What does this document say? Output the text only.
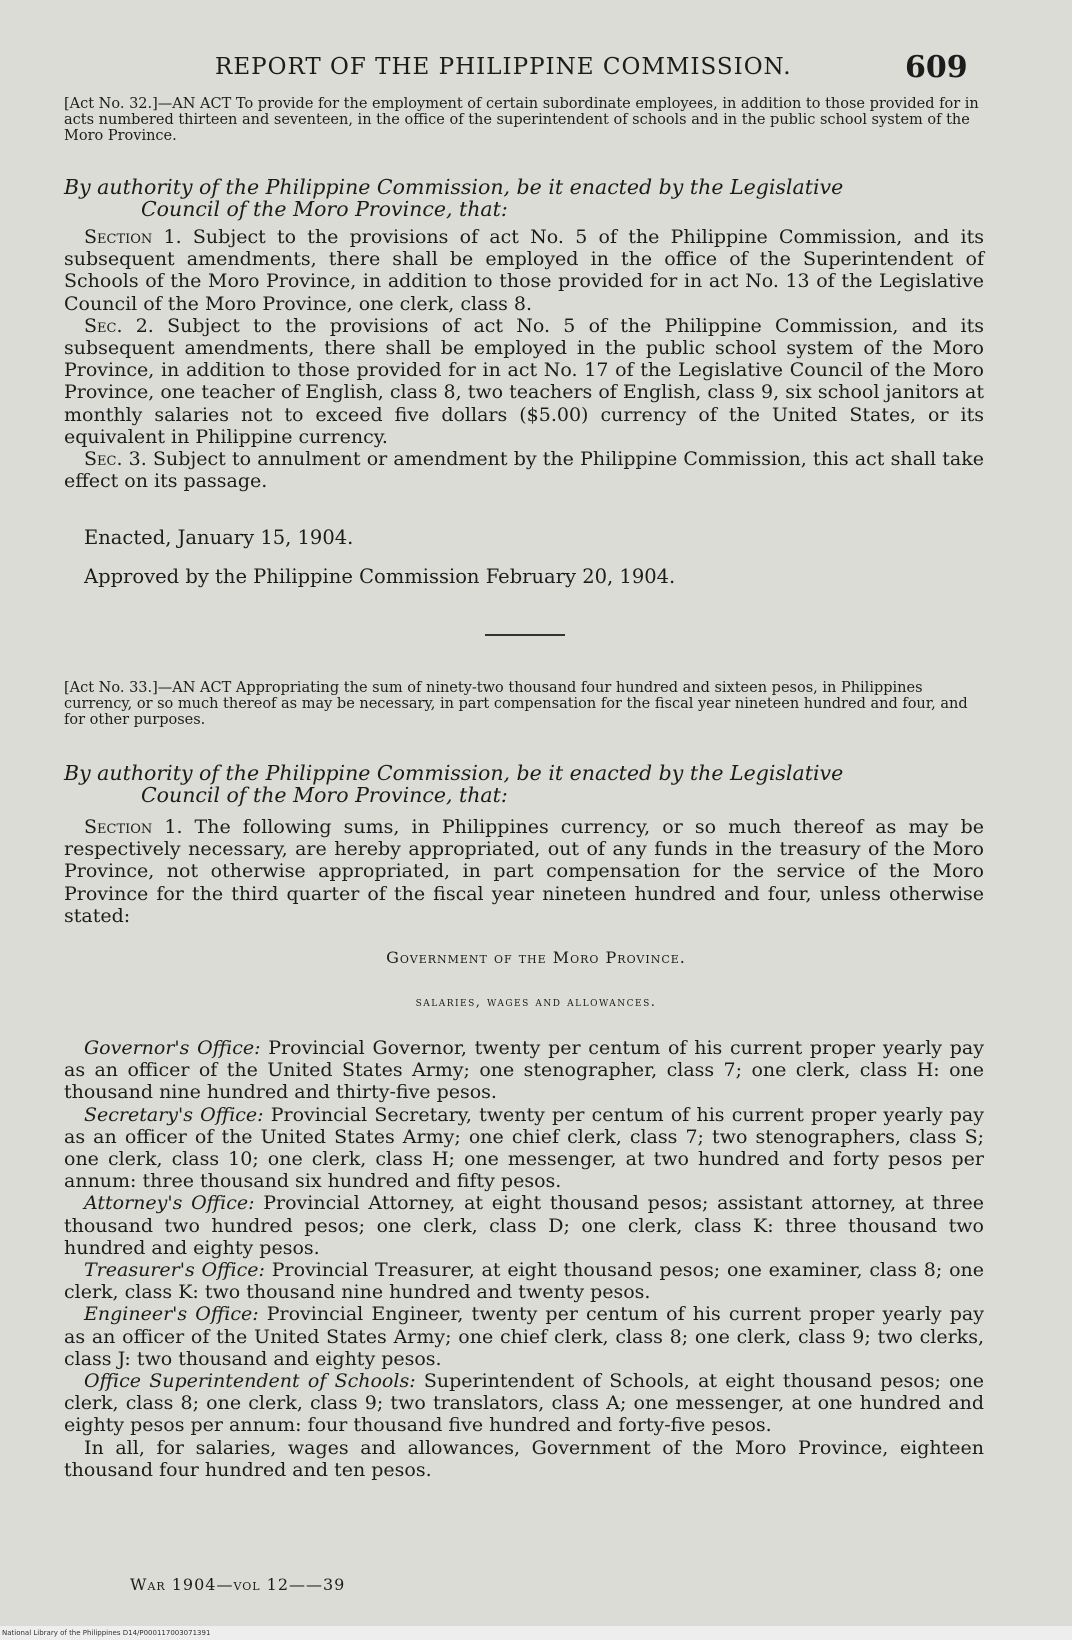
REPORT OF THE PHILIPPINE COMMISSION.	609
[Act No. 32.]—AN ACT To provide for the employment of certain subordinate employees, in addition to those provided for in acts numbered thirteen and seventeen, in the office of the superintendent of schools and in the public school system of the Moro Province.
By authority of the Philippine Commission, be it enacted by the Legislative
Council of the Moro Province, that:

Section 1. Subject to the provisions of act No. 5 of the Philippine Commission, and its subsequent amendments, there shall be employed in the office of the Superintendent of Schools of the Moro Province, in addition to those provided for in act No. 13 of the Legislative Council of the Moro Province, one clerk, class 8.

Sec. 2. Subject to the provisions of act No. 5 of the Philippine Commission, and its subsequent amendments, there shall be employed in the public school system of the Moro Province, in addition to those provided for in act No. 17 of the Legislative Council of the Moro Province, one teacher of English, class 8, two teachers of English, class 9, six school janitors at monthly salaries not to exceed five dollars ($5.00) currency of the United States, or its equivalent in Philippine currency.

Sec. 3. Subject to annulment or amendment by the Philippine Commission, this act shall take effect on its passage.

Enacted, January 15, 1904.

Approved by the Philippine Commission February 20, 1904.

[Act No. 33.]—AN ACT Appropriating the sum of ninety-two thousand four hundred and sixteen pesos, in Philippines currency, or so much thereof as may be necessary, in part compensation for the fiscal year nineteen hundred and four, and for other purposes.
By authority of the Philippine Commission, be it enacted by the Legislative
Council of the Moro Province, that:

Section 1. The following sums, in Philippines currency, or so much thereof as may be respectively necessary, are hereby appropriated, out of any funds in the treasury of the Moro Province, not otherwise appropriated, in part compensation for the service of the Moro Province for the third quarter of the fiscal year nineteen hundred and four, unless otherwise stated:

Government of the Moro Province.
salaries, wages and allowances.

Governor's Office: Provincial Governor, twenty per centum of his current proper yearly pay as an officer of the United States Army; one stenographer, class 7; one clerk, class H: one thousand nine hundred and thirty-five pesos.

Secretary's Office: Provincial Secretary, twenty per centum of his current proper yearly pay as an officer of the United States Army; one chief clerk, class 7; two stenographers, class S; one clerk, class 10; one clerk, class H; one messenger, at two hundred and forty pesos per annum: three thousand six hundred and fifty pesos.

Attorney's Office: Provincial Attorney, at eight thousand pesos; assistant attorney, at three thousand two hundred pesos; one clerk, class D; one clerk, class K: three thousand two hundred and eighty pesos.

Treasurer's Office: Provincial Treasurer, at eight thousand pesos; one examiner, class 8; one clerk, class K: two thousand nine hundred and twenty pesos.

Engineer's Office: Provincial Engineer, twenty per centum of his current proper yearly pay as an officer of the United States Army; one chief clerk, class 8; one clerk, class 9; two clerks, class J: two thousand and eighty pesos.

Office Superintendent of Schools: Superintendent of Schools, at eight thousand pesos; one clerk, class 8; one clerk, class 9; two translators, class A; one messenger, at one hundred and eighty pesos per annum: four thousand five hundred and forty-five pesos.

In all, for salaries, wages and allowances, Government of the Moro Province, eighteen thousand four hundred and ten pesos.

War 1904—vol 12——39
National Library of the Philippines D14/P000117003071391
